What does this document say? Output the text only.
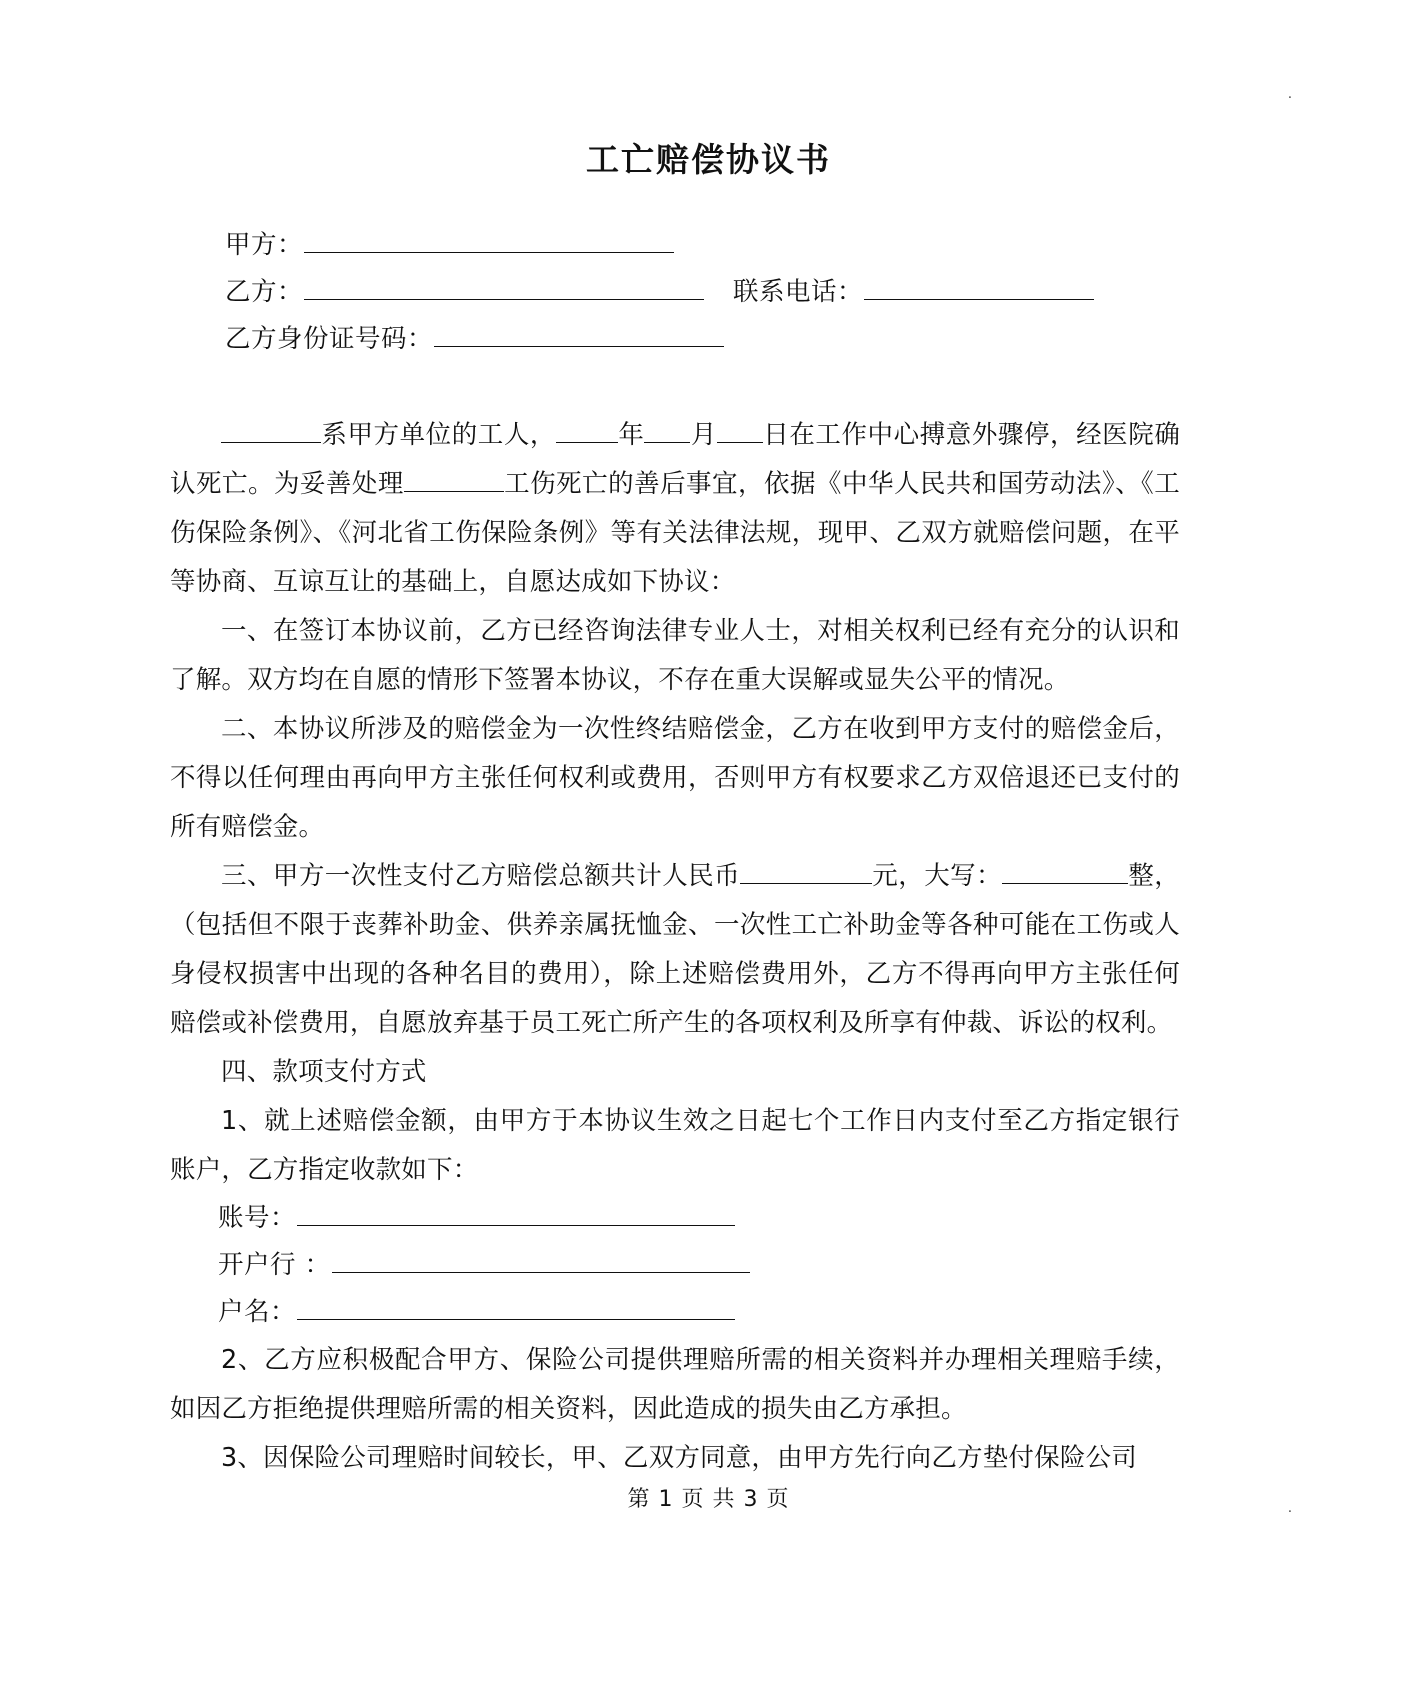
.
工亡赔偿协议书

甲方：

乙方：	联系电话：

乙方身份证号码：

系甲方单位的工人， 年 月 日在工作中心搏意外骤停，经医院确认死亡。为妥善处理	工伤死亡的善后事宜，依据《中华人民共和国劳动法》、《工伤保险条例》、《河北省工伤保险条例》等有关法律法规，现甲、乙双方就赔偿问题，在平等协商、互谅互让的基础上，自愿达成如下协议：

一、在签订本协议前，乙方已经咨询法律专业人士，对相关权利已经有充分的认识和了解。双方均在自愿的情形下签署本协议，不存在重大误解或显失公平的情况。

二、本协议所涉及的赔偿金为一次性终结赔偿金，乙方在收到甲方支付的赔偿金后，不得以任何理由再向甲方主张任何权利或费用，否则甲方有权要求乙方双倍退还已支付的所有赔偿金。

三、甲方一次性支付乙方赔偿总额共计人民币	元，大写：	整，（包括但不限于丧葬补助金、供养亲属抚恤金、一次性工亡补助金等各种可能在工伤或人身侵权损害中出现的各种名目的费用），除上述赔偿费用外，乙方不得再向甲方主张任何赔偿或补偿费用，自愿放弃基于员工死亡所产生的各项权利及所享有仲裁、诉讼的权利。

四、款项支付方式

1、就上述赔偿金额，由甲方于本协议生效之日起七个工作日内支付至乙方指定银行账户，乙方指定收款如下：

账号：

开户行 ：

户名：

2、乙方应积极配合甲方、保险公司提供理赔所需的相关资料并办理相关理赔手续，如因乙方拒绝提供理赔所需的相关资料，因此造成的损失由乙方承担。

3、因保险公司理赔时间较长，甲、乙双方同意，由甲方先行向乙方垫付保险公司

第 1 页 共 3 页	.
